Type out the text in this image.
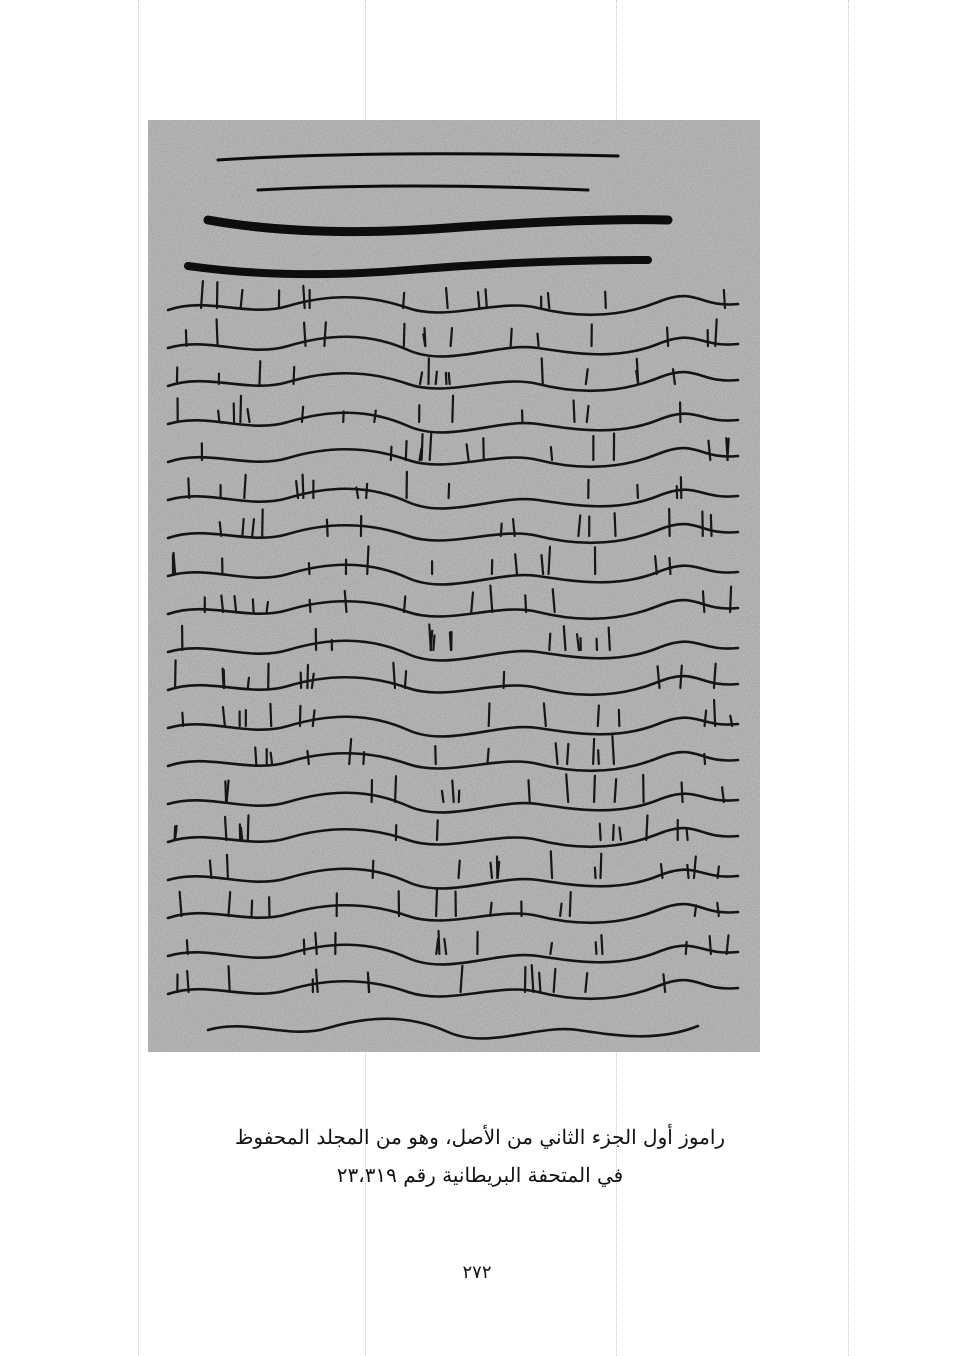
راموز أول الجزء الثاني من الأصل، وهو من المجلد المحفوظ
في المتحفة البريطانية رقم ٢٣،٣١٩
٢٧٢
